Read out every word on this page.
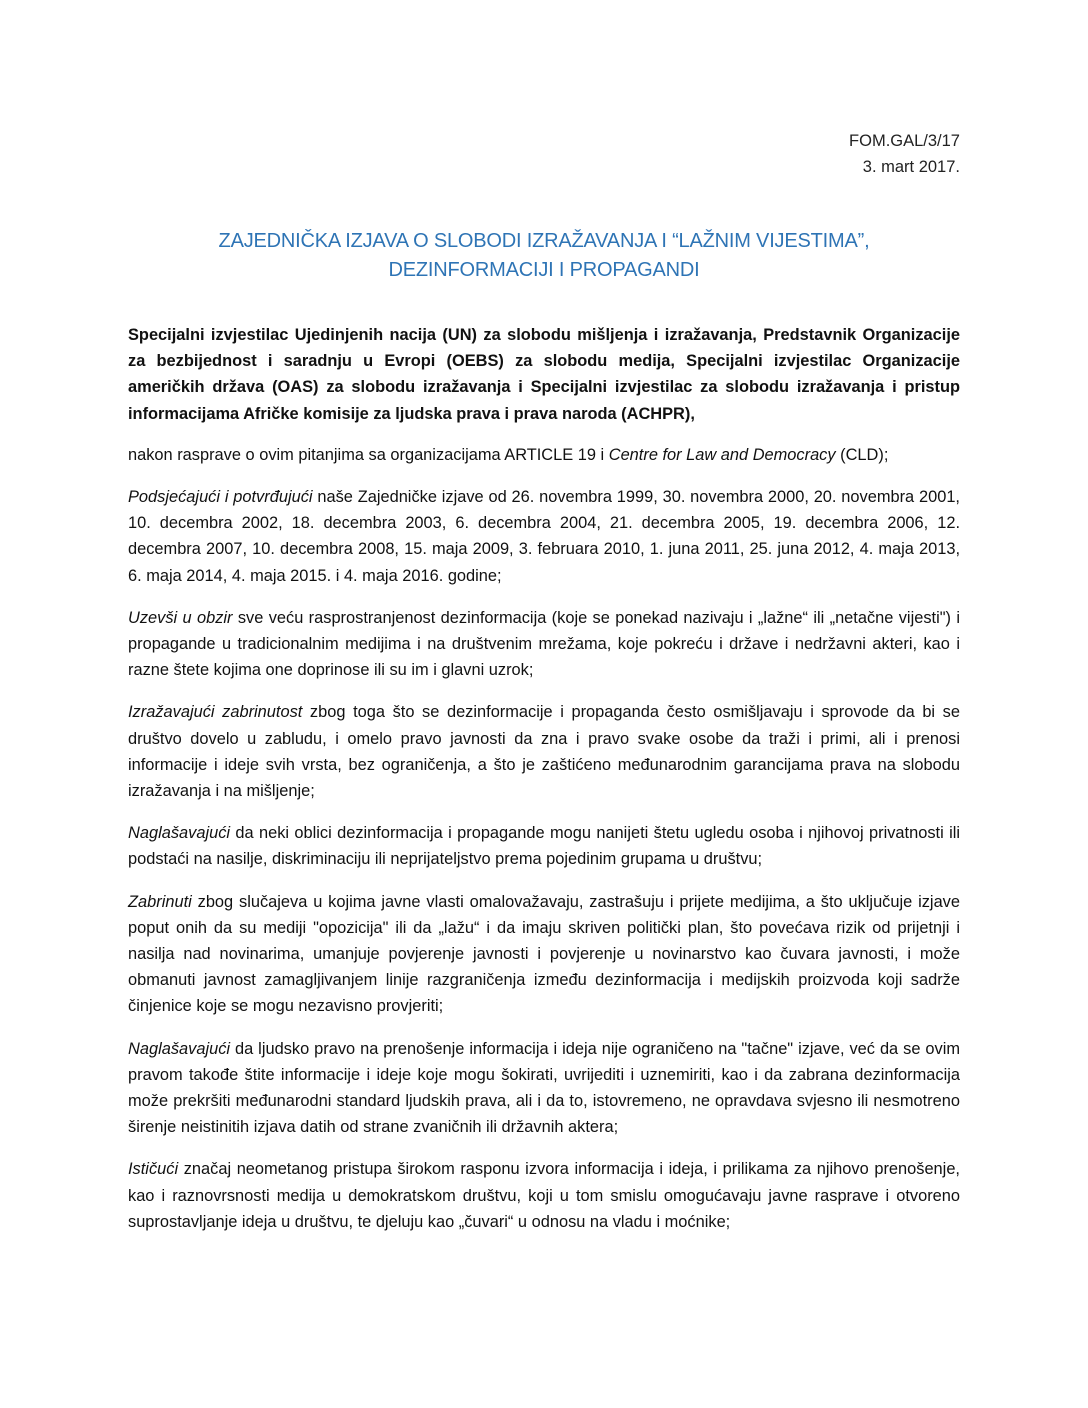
FOM.GAL/3/17
3. mart 2017.
ZAJEDNIČKA IZJAVA O SLOBODI IZRAŽAVANJA I “LAŽNIM VIJESTIMA”,
DEZINFORMACIJI I PROPAGANDI

Specijalni izvjestilac Ujedinjenih nacija (UN) za slobodu mišljenja i izražavanja, Predstavnik Organizacije za bezbijednost i saradnju u Evropi (OEBS) za slobodu medija, Specijalni izvjestilac Organizacije američkih država (OAS) za slobodu izražavanja i Specijalni izvjestilac za slobodu izražavanja i pristup informacijama Afričke komisije za ljudska prava i prava naroda (ACHPR),

nakon rasprave o ovim pitanjima sa organizacijama ARTICLE 19 i Centre for Law and Democracy (CLD);

Podsjećajući i potvrđujući naše Zajedničke izjave od 26. novembra 1999, 30. novembra 2000, 20. novembra 2001, 10. decembra 2002, 18. decembra 2003, 6. decembra 2004, 21. decembra 2005, 19. decembra 2006, 12. decembra 2007, 10. decembra 2008, 15. maja 2009, 3. februara 2010, 1. juna 2011, 25. juna 2012, 4. maja 2013, 6. maja 2014, 4. maja 2015. i 4. maja 2016. godine;

Uzevši u obzir sve veću rasprostranjenost dezinformacija (koje se ponekad nazivaju i „lažne“ ili „netačne vijesti") i propagande u tradicionalnim medijima i na društvenim mrežama, koje pokreću i države i nedržavni akteri, kao i razne štete kojima one doprinose ili su im i glavni uzrok;

Izražavajući zabrinutost zbog toga što se dezinformacije i propaganda često osmišljavaju i sprovode da bi se društvo dovelo u zabludu, i omelo pravo javnosti da zna i pravo svake osobe da traži i primi, ali i prenosi informacije i ideje svih vrsta, bez ograničenja, a što je zaštićeno međunarodnim garancijama prava na slobodu izražavanja i na mišljenje;

Naglašavajući da neki oblici dezinformacija i propagande mogu nanijeti štetu ugledu osoba i njihovoj privatnosti ili podstaći na nasilje, diskriminaciju ili neprijateljstvo prema pojedinim grupama u društvu;

Zabrinuti zbog slučajeva u kojima javne vlasti omalovažavaju, zastrašuju i prijete medijima, a što uključuje izjave poput onih da su mediji "opozicija" ili da „lažu“ i da imaju skriven politički plan, što povećava rizik od prijetnji i nasilja nad novinarima, umanjuje povjerenje javnosti i povjerenje u novinarstvo kao čuvara javnosti, i može obmanuti javnost zamagljivanjem linije razgraničenja između dezinformacija i medijskih proizvoda koji sadrže činjenice koje se mogu nezavisno provjeriti;

Naglašavajući da ljudsko pravo na prenošenje informacija i ideja nije ograničeno na "tačne" izjave, već da se ovim pravom takođe štite informacije i ideje koje mogu šokirati, uvrijediti i uznemiriti, kao i da zabrana dezinformacija može prekršiti međunarodni standard ljudskih prava, ali i da to, istovremeno, ne opravdava svjesno ili nesmotreno širenje neistinitih izjava datih od strane zvaničnih ili državnih aktera;

Ističući značaj neometanog pristupa širokom rasponu izvora informacija i ideja, i prilikama za njihovo prenošenje, kao i raznovrsnosti medija u demokratskom društvu, koji u tom smislu omogućavaju javne rasprave i otvoreno suprostavljanje ideja u društvu, te djeluju kao „čuvari“ u odnosu na vladu i moćnike;
